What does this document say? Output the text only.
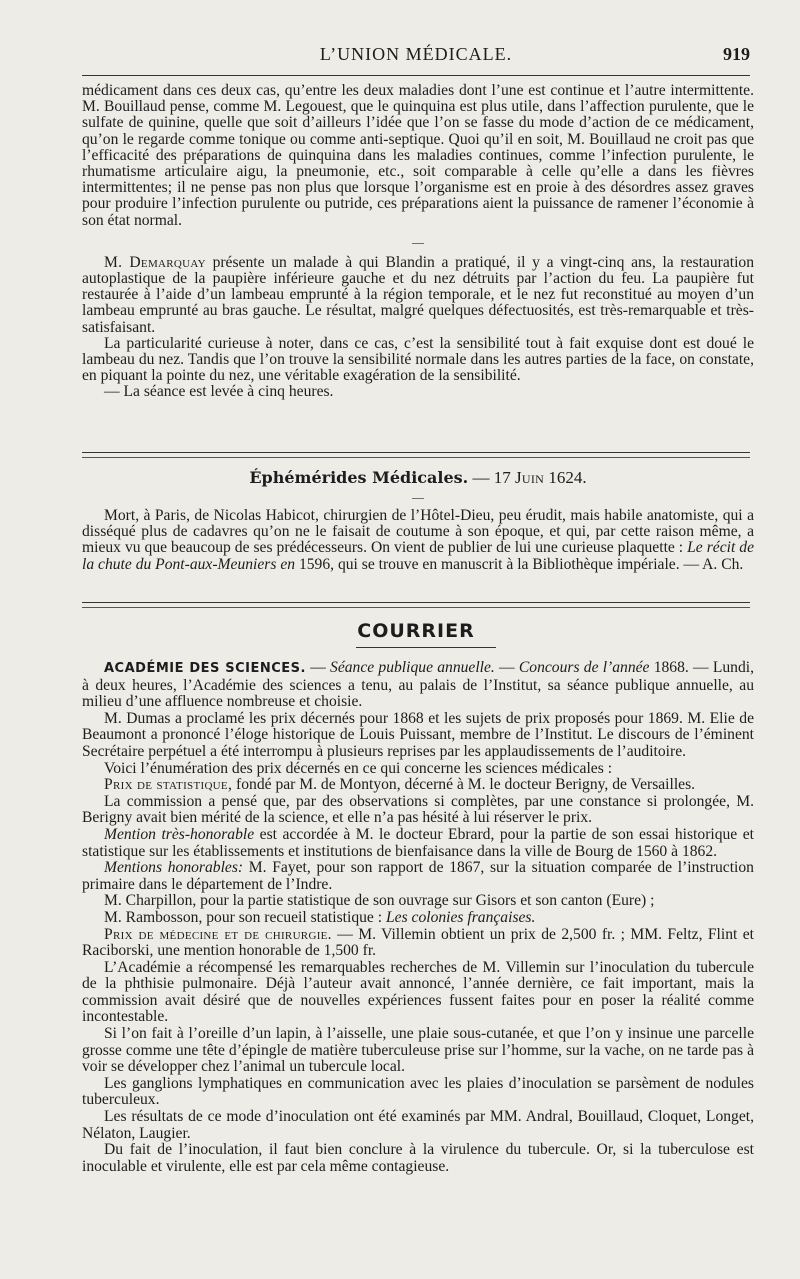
L’UNION MÉDICALE.	919

médicament dans ces deux cas, qu’entre les deux maladies dont l’une est continue et l’autre intermittente. M. Bouillaud pense, comme M. Legouest, que le quinquina est plus utile, dans l’affection purulente, que le sulfate de quinine, quelle que soit d’ailleurs l’idée que l’on se fasse du mode d’action de ce médicament, qu’on le regarde comme tonique ou comme anti-septique. Quoi qu’il en soit, M. Bouillaud ne croit pas que l’efficacité des préparations de quinquina dans les maladies continues, comme l’infection purulente, le rhumatisme articulaire aigu, la pneumonie, etc., soit comparable à celle qu’elle a dans les fièvres intermittentes; il ne pense pas non plus que lorsque l’organisme est en proie à des désordres assez graves pour produire l’infection purulente ou putride, ces préparations aient la puissance de ramener l’économie à son état normal.

—

M. Demarquay présente un malade à qui Blandin a pratiqué, il y a vingt-cinq ans, la restauration autoplastique de la paupière inférieure gauche et du nez détruits par l’action du feu. La paupière fut restaurée à l’aide d’un lambeau emprunté à la région temporale, et le nez fut reconstitué au moyen d’un lambeau emprunté au bras gauche. Le résultat, malgré quelques défectuosités, est très-remarquable et très-satisfaisant.

La particularité curieuse à noter, dans ce cas, c’est la sensibilité tout à fait exquise dont est doué le lambeau du nez. Tandis que l’on trouve la sensibilité normale dans les autres parties de la face, on constate, en piquant la pointe du nez, une véritable exagération de la sensibilité.

— La séance est levée à cinq heures.

Éphémérides Médicales. — 17 Juin 1624.

—

Mort, à Paris, de Nicolas Habicot, chirurgien de l’Hôtel-Dieu, peu érudit, mais habile anatomiste, qui a disséqué plus de cadavres qu’on ne le faisait de coutume à son époque, et qui, par cette raison même, a mieux vu que beaucoup de ses prédécesseurs. On vient de publier de lui une curieuse plaquette : Le récit de la chute du Pont-aux-Meuniers en 1596, qui se trouve en manuscrit à la Bibliothèque impériale. — A. Ch.

COURRIER

ACADÉMIE DES SCIENCES. — Séance publique annuelle. — Concours de l’année 1868. — Lundi, à deux heures, l’Académie des sciences a tenu, au palais de l’Institut, sa séance publique annuelle, au milieu d’une affluence nombreuse et choisie.

M. Dumas a proclamé les prix décernés pour 1868 et les sujets de prix proposés pour 1869. M. Elie de Beaumont a prononcé l’éloge historique de Louis Puissant, membre de l’Institut. Le discours de l’éminent Secrétaire perpétuel a été interrompu à plusieurs reprises par les applaudissements de l’auditoire.

Voici l’énumération des prix décernés en ce qui concerne les sciences médicales :

Prix de statistique, fondé par M. de Montyon, décerné à M. le docteur Berigny, de Versailles.

La commission a pensé que, par des observations si complètes, par une constance si prolongée, M. Berigny avait bien mérité de la science, et elle n’a pas hésité à lui réserver le prix.

Mention très-honorable est accordée à M. le docteur Ebrard, pour la partie de son essai historique et statistique sur les établissements et institutions de bienfaisance dans la ville de Bourg de 1560 à 1862.

Mentions honorables: M. Fayet, pour son rapport de 1867, sur la situation comparée de l’instruction primaire dans le département de l’Indre.

M. Charpillon, pour la partie statistique de son ouvrage sur Gisors et son canton (Eure) ;

M. Rambosson, pour son recueil statistique : Les colonies françaises.

Prix de médecine et de chirurgie. — M. Villemin obtient un prix de 2,500 fr. ; MM. Feltz, Flint et Raciborski, une mention honorable de 1,500 fr.

L’Académie a récompensé les remarquables recherches de M. Villemin sur l’inoculation du tubercule de la phthisie pulmonaire. Déjà l’auteur avait annoncé, l’année dernière, ce fait important, mais la commission avait désiré que de nouvelles expériences fussent faites pour en poser la réalité comme incontestable.

Si l’on fait à l’oreille d’un lapin, à l’aisselle, une plaie sous-cutanée, et que l’on y insinue une parcelle grosse comme une tête d’épingle de matière tuberculeuse prise sur l’homme, sur la vache, on ne tarde pas à voir se développer chez l’animal un tubercule local.

Les ganglions lymphatiques en communication avec les plaies d’inoculation se parsèment de nodules tuberculeux.

Les résultats de ce mode d’inoculation ont été examinés par MM. Andral, Bouillaud, Cloquet, Longet, Nélaton, Laugier.

Du fait de l’inoculation, il faut bien conclure à la virulence du tubercule. Or, si la tuberculose est inoculable et virulente, elle est par cela même contagieuse.
